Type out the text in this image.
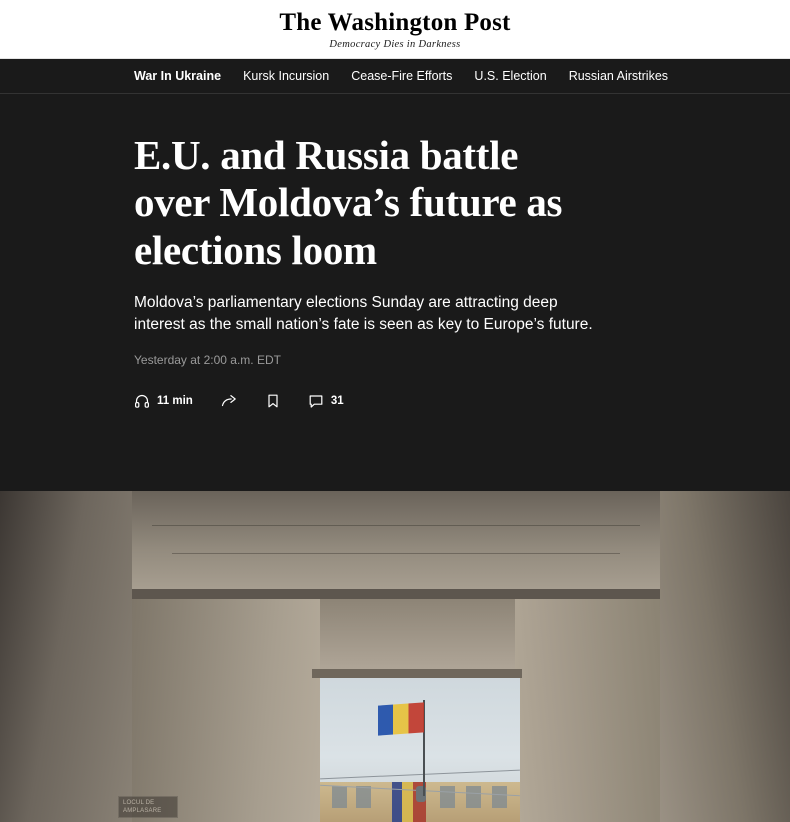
The Washington Post
Democracy Dies in Darkness
War In Ukraine Kursk Incursion Cease-Fire Efforts U.S. Election Russian Airstrikes
E.U. and Russia battle over Moldova’s future as elections loom

Moldova’s parliamentary elections Sunday are attracting deep interest as the small nation’s fate is seen as key to Europe’s future.

Yesterday at 2:00 a.m. EDT
11 min	31
LOCUL DE AMPLASARE
